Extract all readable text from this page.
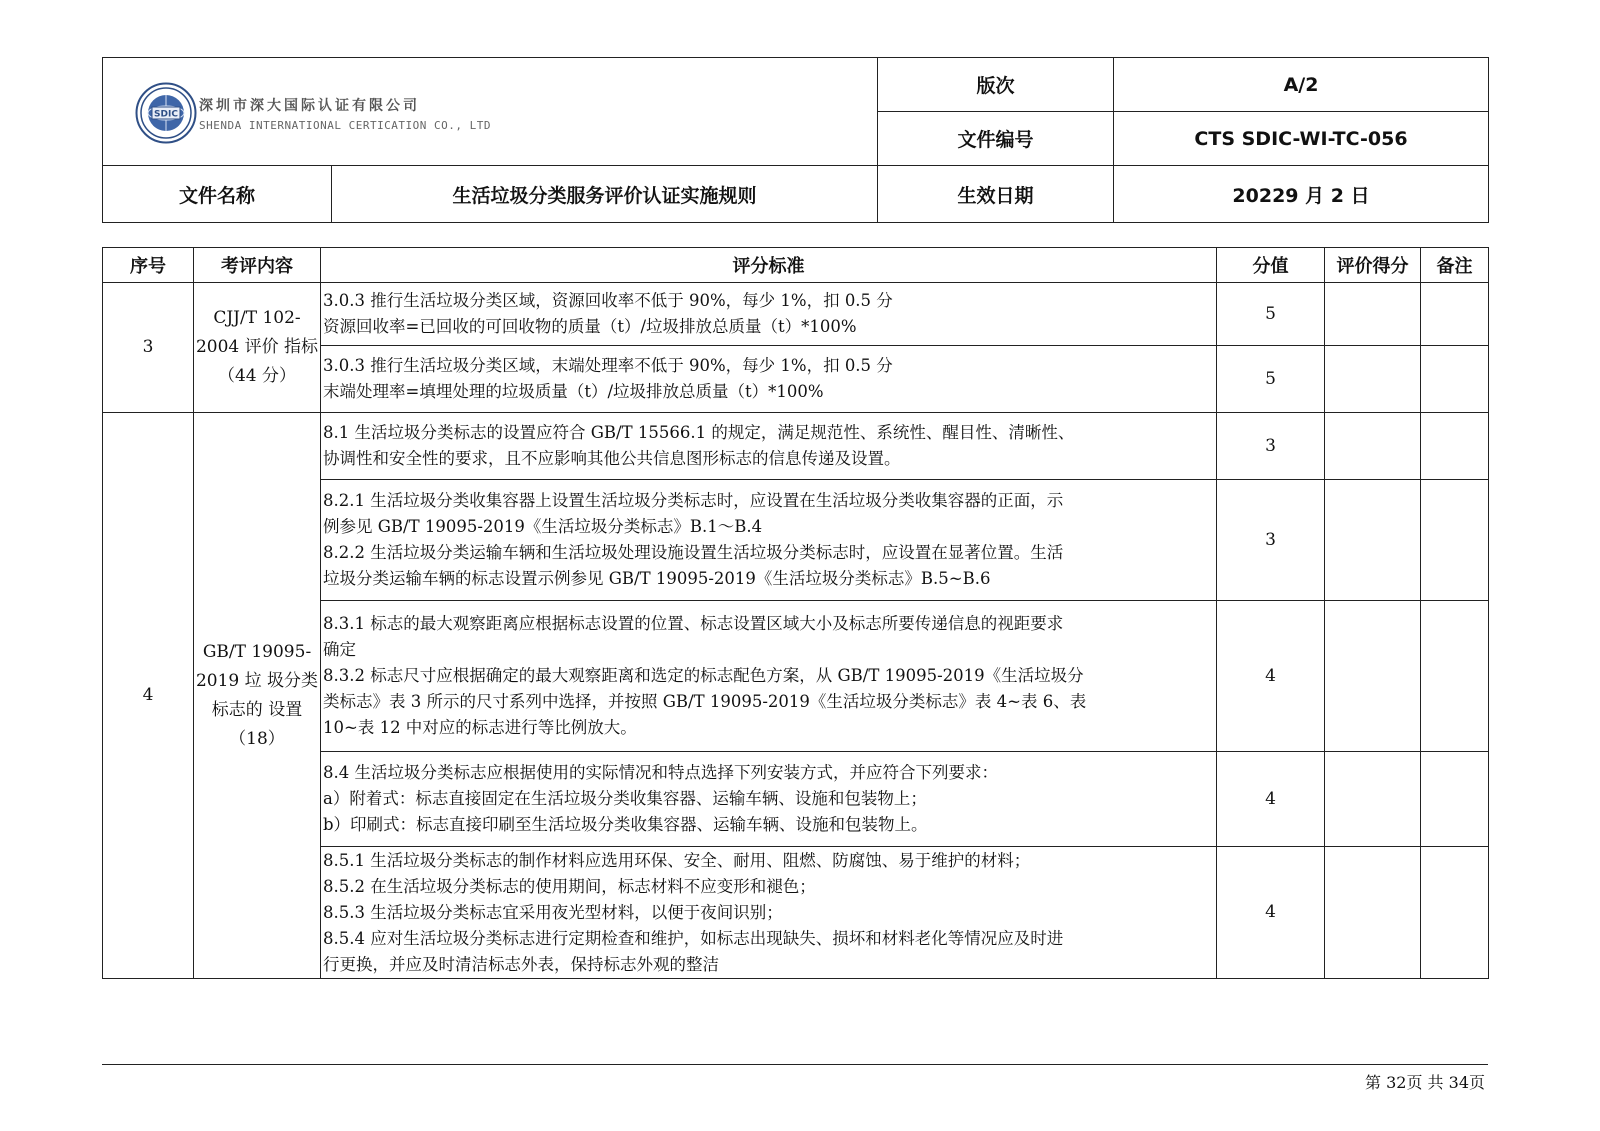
SDIC
深圳市深大国际认证有限公司
SHENDA INTERNATIONAL CERTICATION CO., LTD		版次	A/2
		文件编号	CTS SDIC-WI-TC-056
文件名称	生活垃圾分类服务评价认证实施规则	生效日期	20229 月 2 日
序号	考评内容	评分标准	分值	评价得分	备注
3	CJJ/T 102-2004 评价 指标（44 分）	3.0.3 推行生活垃圾分类区域，资源回收率不低于 90%，每少 1%，扣 0.5 分
资源回收率=已回收的可回收物的质量（t）/垃圾排放总质量（t）*100%	5		

		3.0.3 推行生活垃圾分类区域，末端处理率不低于 90%，每少 1%，扣 0.5 分
末端处理率=填埋处理的垃圾质量（t）/垃圾排放总质量（t）*100%	5		
4	GB/T 19095-2019 垃 圾分类标志的 设置（18）	8.1 生活垃圾分类标志的设置应符合 GB/T 15566.1 的规定，满足规范性、系统性、醒目性、清晰性、
协调性和安全性的要求，且不应影响其他公共信息图形标志的信息传递及设置。	3		

		8.2.1 生活垃圾分类收集容器上设置生活垃圾分类标志时，应设置在生活垃圾分类收集容器的正面，示
例参见 GB/T 19095-2019《生活垃圾分类标志》B.1～B.4
8.2.2 生活垃圾分类运输车辆和生活垃圾处理设施设置生活垃圾分类标志时，应设置在显著位置。生活
垃圾分类运输车辆的标志设置示例参见 GB/T 19095-2019《生活垃圾分类标志》B.5~B.6	3		

		8.3.1 标志的最大观察距离应根据标志设置的位置、标志设置区域大小及标志所要传递信息的视距要求
确定
8.3.2 标志尺寸应根据确定的最大观察距离和选定的标志配色方案，从 GB/T 19095-2019《生活垃圾分
类标志》表 3 所示的尺寸系列中选择，并按照 GB/T 19095-2019《生活垃圾分类标志》表 4~表 6、表
10~表 12 中对应的标志进行等比例放大。	4		

		8.4 生活垃圾分类标志应根据使用的实际情况和特点选择下列安装方式，并应符合下列要求：
a）附着式：标志直接固定在生活垃圾分类收集容器、运输车辆、设施和包装物上；
b）印刷式：标志直接印刷至生活垃圾分类收集容器、运输车辆、设施和包装物上。	4		

		8.5.1 生活垃圾分类标志的制作材料应选用环保、安全、耐用、阻燃、防腐蚀、易于维护的材料；
8.5.2 在生活垃圾分类标志的使用期间，标志材料不应变形和褪色；
8.5.3 生活垃圾分类标志宜采用夜光型材料，以便于夜间识别；
8.5.4 应对生活垃圾分类标志进行定期检查和维护，如标志出现缺失、损坏和材料老化等情况应及时进
行更换，并应及时清洁标志外表，保持标志外观的整洁	4		
第 32页 共 34页
